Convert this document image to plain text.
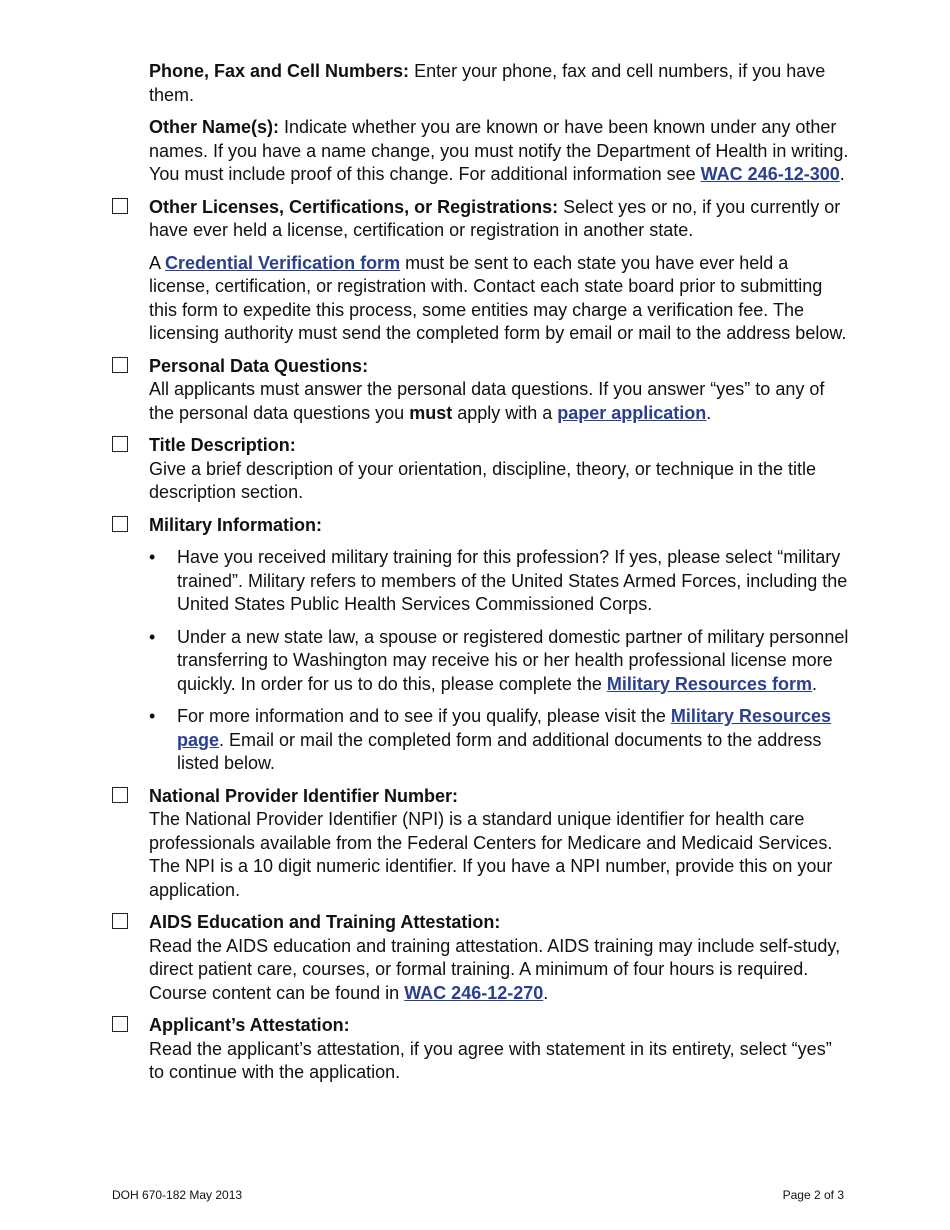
Phone, Fax and Cell Numbers: Enter your phone, fax and cell numbers, if you have them.

Other Name(s): Indicate whether you are known or have been known under any other names. If you have a name change, you must notify the Department of Health in writing. You must include proof of this change. For additional information see WAC 246-12-300.

Other Licenses, Certifications, or Registrations: Select yes or no, if you currently or have ever held a license, certification or registration in another state.

A Credential Verification form must be sent to each state you have ever held a license, certification, or registration with. Contact each state board prior to submitting this form to expedite this process, some entities may charge a verification fee. The licensing authority must send the completed form by email or mail to the address below.

Personal Data Questions:
All applicants must answer the personal data questions. If you answer “yes” to any of the personal data questions you must apply with a paper application.
Title Description:
Give a brief description of your orientation, discipline, theory, or technique in the title description section.
Military Information:
• Have you received military training for this profession? If yes, please select “military trained”. Military refers to members of the United States Armed Forces, including the United States Public Health Services Commissioned Corps.
• Under a new state law, a spouse or registered domestic partner of military personnel transferring to Washington may receive his or her health professional license more quickly. In order for us to do this, please complete the Military Resources form.
• For more information and to see if you qualify, please visit the Military Resources page. Email or mail the completed form and additional documents to the address listed below.
National Provider Identifier Number:
The National Provider Identifier (NPI) is a standard unique identifier for health care professionals available from the Federal Centers for Medicare and Medicaid Services. The NPI is a 10 digit numeric identifier. If you have a NPI number, provide this on your application.
AIDS Education and Training Attestation:
Read the AIDS education and training attestation. AIDS training may include self-study, direct patient care, courses, or formal training. A minimum of four hours is required. Course content can be found in WAC 246-12-270.
Applicant’s Attestation:
Read the applicant’s attestation, if you agree with statement in its entirety, select “yes” to continue with the application.
DOH 670-182 May 2013	Page 2 of 3
